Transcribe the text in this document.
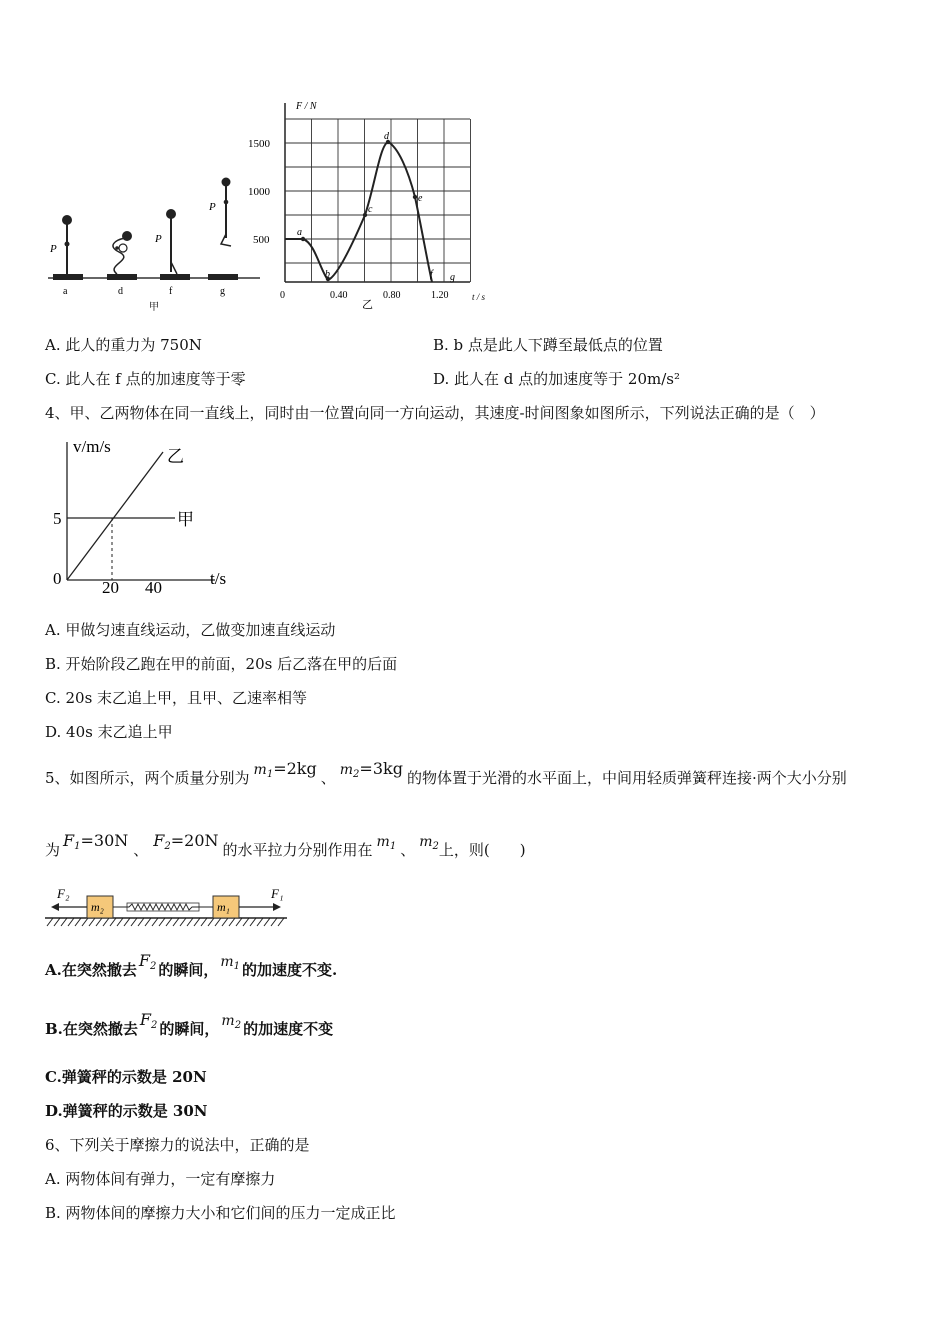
P
a	d
P
f
P
g
甲
F / N
t / s
500
1000
1500
0	0.40	0.80	1.20
a
b
c
d
e
f g
乙
A. 此人的重力为 750N	B. b 点是此人下蹲至最低点的位置
C. 此人在 f 点的加速度等于零	D. 此人在 d 点的加速度等于 20m/s²
4、甲、乙两物体在同一直线上，同时由一位置向同一方向运动，其速度-时间图象如图所示，下列说法正确的是（　）
v/m/s
t/s
0
5
20 40
乙
甲
A. 甲做匀速直线运动，乙做变加速直线运动
B. 开始阶段乙跑在甲的前面，20s 后乙落在甲的后面
C. 20s 末乙追上甲，且甲、乙速率相等
D. 40s 末乙追上甲
5、如图所示，两个质量分别为 $m_1=2kg$ 、 $m_2=3kg$ 的物体置于光滑的水平面上，中间用轻质弹簧秤连接·两个大小分别
为 $F_1=30N$ 、 $F_2=20N$ 的水平拉力分别作用在 $m_1$ 、 $m_2$上，则(　　)
m₂	m₁
F₂	F₁
A.在突然撤去 $F_2$ 的瞬间， $m_1$ 的加速度不变.
B.在突然撤去 $F_2$ 的瞬间， $m_2$ 的加速度不变
C.弹簧秤的示数是 20N
D.弹簧秤的示数是 30N
6、下列关于摩擦力的说法中，正确的是
A. 两物体间有弹力，一定有摩擦力
B. 两物体间的摩擦力大小和它们间的压力一定成正比
